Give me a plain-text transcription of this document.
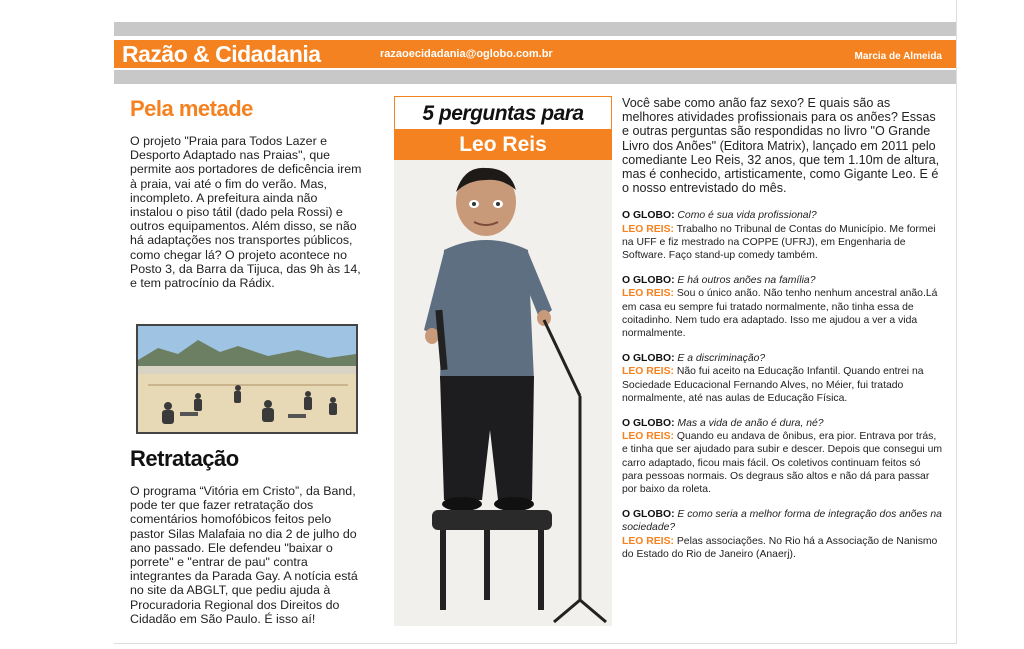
Razão & Cidadania	razaoecidadania@oglobo.com.br	Marcia de Almeida
Pela metade

O projeto "Praia para Todos Lazer e Desporto Adaptado nas Praias", que permite aos portadores de deficência irem à praia, vai até o fim do verão. Mas, incompleto. A prefeitura ainda não instalou o piso tátil (dado pela Rossi) e outros equipamentos. Além disso, se não há adaptações nos transportes públicos, como chegar lá? O projeto acontece no Posto 3, da Barra da Tijuca, das 9h às 14, e tem patrocínio da Rádix.

Retratação

O programa “Vitória em Cristo”, da Band, pode ter que fazer retratação dos comentários homofóbicos feitos pelo pastor Silas Malafaia no dia 2 de julho do ano passado. Ele defendeu "baixar o porrete" e "entrar de pau" contra integrantes da Parada Gay. A notícia está no site da ABGLT, que pediu ajuda à Procuradoria Regional dos Direitos do Cidadão em São Paulo. É isso aí!

5 perguntas para
Leo Reis

Você sabe como anão faz sexo? E quais são as melhores atividades profissionais para os anões? Essas e outras perguntas são respondidas no livro "O Grande Livro dos Anões" (Editora Matrix), lançado em 2011 pelo comediante Leo Reis, 32 anos, que tem 1.10m de altura, mas é conhecido, artisticamente, como Gigante Leo. E é o nosso entrevistado do mês.

O GLOBO: Como é sua vida profissional?
LEO REIS: Trabalho no Tribunal de Contas do Município. Me formei na UFF e fiz mestrado na COPPE (UFRJ), em Engenharia de Software. Faço stand-up comedy também.
O GLOBO: E há outros anões na família?
LEO REIS: Sou o único anão. Não tenho nenhum ancestral anão.Lá em casa eu sempre fui tratado normalmente, não tinha essa de coitadinho. Nem tudo era adaptado. Isso me ajudou a ver a vida normalmente.
O GLOBO: E a discriminação?
LEO REIS: Não fui aceito na Educação Infantil. Quando entrei na Sociedade Educacional Fernando Alves, no Méier, fui tratado normalmente, até nas aulas de Educação Física.
O GLOBO: Mas a vida de anão é dura, né?
LEO REIS: Quando eu andava de ônibus, era pior. Entrava por trás, e tinha que ser ajudado para subir e descer. Depois que consegui um carro adaptado, ficou mais fácil. Os coletivos continuam feitos só para pessoas normais. Os degraus são altos e não dá para passar por baixo da roleta.
O GLOBO: E como seria a melhor forma de integração dos anões na sociedade?
LEO REIS: Pelas associações. No Rio há a Associação de Nanismo do Estado do Rio de Janeiro (Anaerj).
